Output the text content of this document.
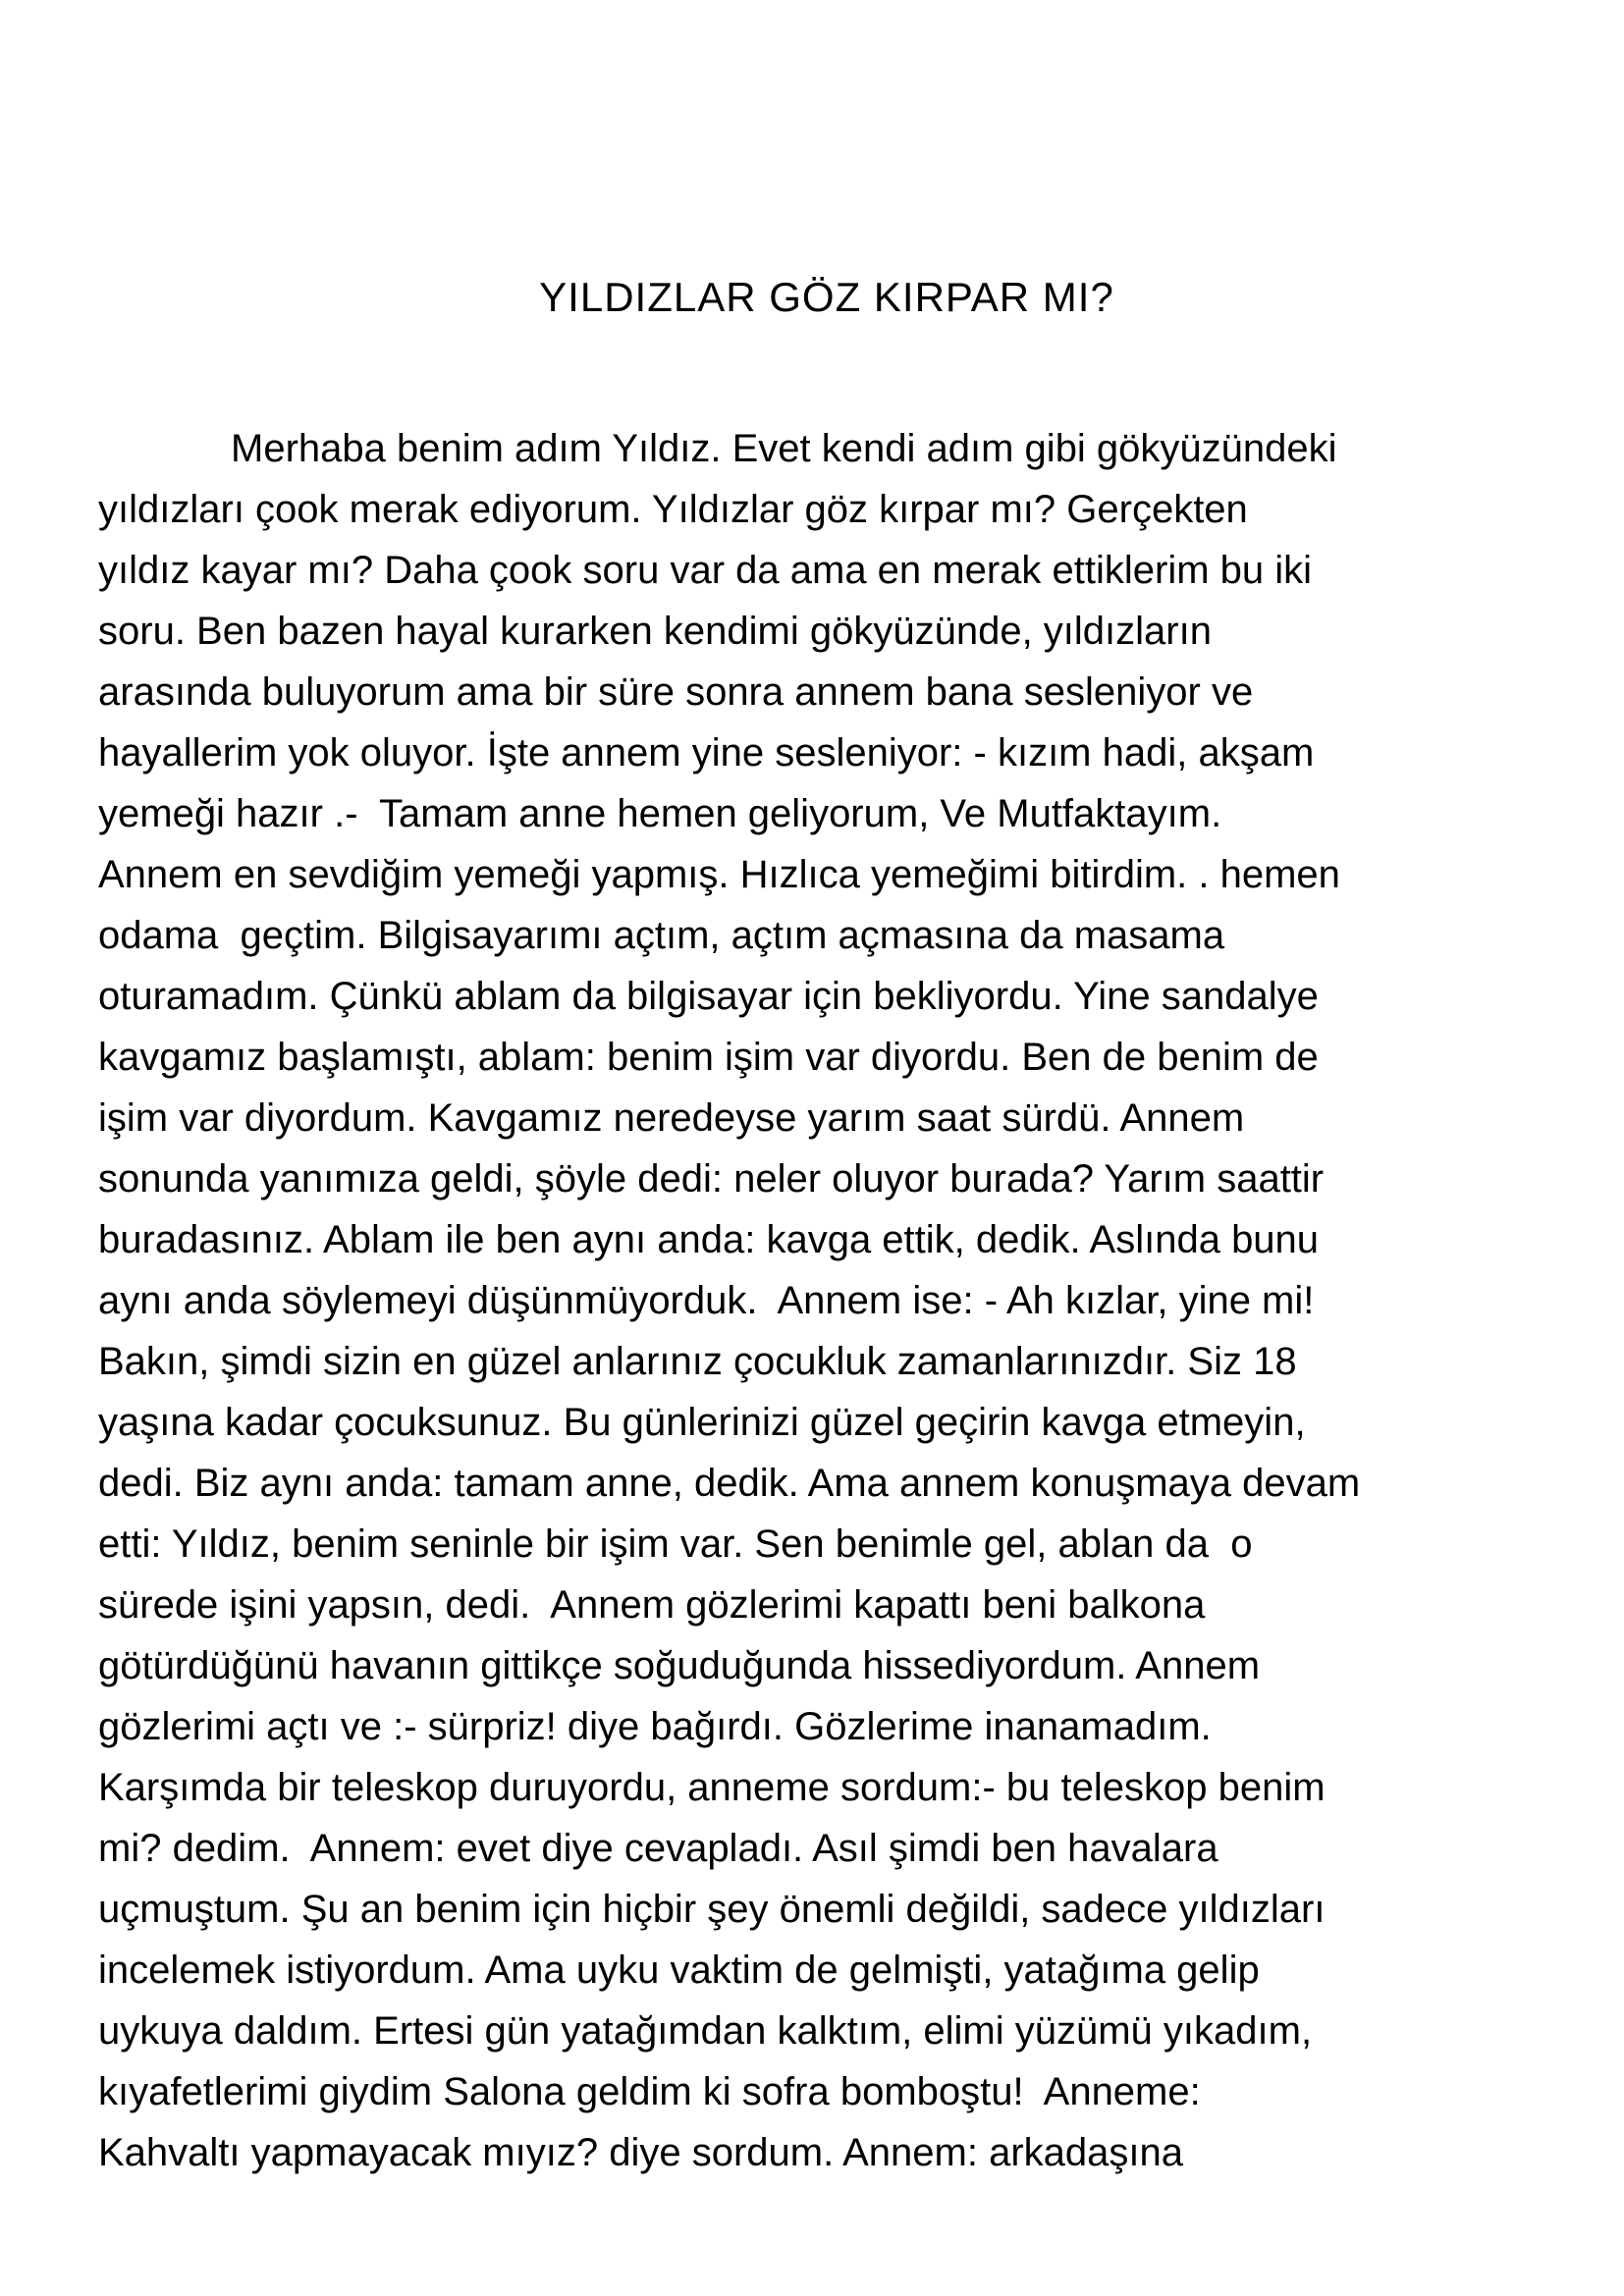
YILDIZLAR GÖZ KIRPAR MI?
Merhaba benim adım Yıldız. Evet kendi adım gibi gökyüzündeki
yıldızları çook merak ediyorum. Yıldızlar göz kırpar mı? Gerçekten
yıldız kayar mı? Daha çook soru var da ama en merak ettiklerim bu iki
soru. Ben bazen hayal kurarken kendimi gökyüzünde, yıldızların
arasında buluyorum ama bir süre sonra annem bana sesleniyor ve
hayallerim yok oluyor. İşte annem yine sesleniyor: - kızım hadi, akşam
yemeği hazır .-  Tamam anne hemen geliyorum, Ve Mutfaktayım.
Annem en sevdiğim yemeği yapmış. Hızlıca yemeğimi bitirdim. . hemen
odama  geçtim. Bilgisayarımı açtım, açtım açmasına da masama
oturamadım. Çünkü ablam da bilgisayar için bekliyordu. Yine sandalye
kavgamız başlamıştı, ablam: benim işim var diyordu. Ben de benim de
işim var diyordum. Kavgamız neredeyse yarım saat sürdü. Annem
sonunda yanımıza geldi, şöyle dedi: neler oluyor burada? Yarım saattir
buradasınız. Ablam ile ben aynı anda: kavga ettik, dedik. Aslında bunu
aynı anda söylemeyi düşünmüyorduk.  Annem ise: - Ah kızlar, yine mi!
Bakın, şimdi sizin en güzel anlarınız çocukluk zamanlarınızdır. Siz 18
yaşına kadar çocuksunuz. Bu günlerinizi güzel geçirin kavga etmeyin,
dedi. Biz aynı anda: tamam anne, dedik. Ama annem konuşmaya devam
etti: Yıldız, benim seninle bir işim var. Sen benimle gel, ablan da  o
sürede işini yapsın, dedi.  Annem gözlerimi kapattı beni balkona
götürdüğünü havanın gittikçe soğuduğunda hissediyordum. Annem
gözlerimi açtı ve :- sürpriz! diye bağırdı. Gözlerime inanamadım.
Karşımda bir teleskop duruyordu, anneme sordum:- bu teleskop benim
mi? dedim.  Annem: evet diye cevapladı. Asıl şimdi ben havalara
uçmuştum. Şu an benim için hiçbir şey önemli değildi, sadece yıldızları
incelemek istiyordum. Ama uyku vaktim de gelmişti, yatağıma gelip
uykuya daldım. Ertesi gün yatağımdan kalktım, elimi yüzümü yıkadım,
kıyafetlerimi giydim Salona geldim ki sofra bomboştu!  Anneme:
Kahvaltı yapmayacak mıyız? diye sordum. Annem: arkadaşına
